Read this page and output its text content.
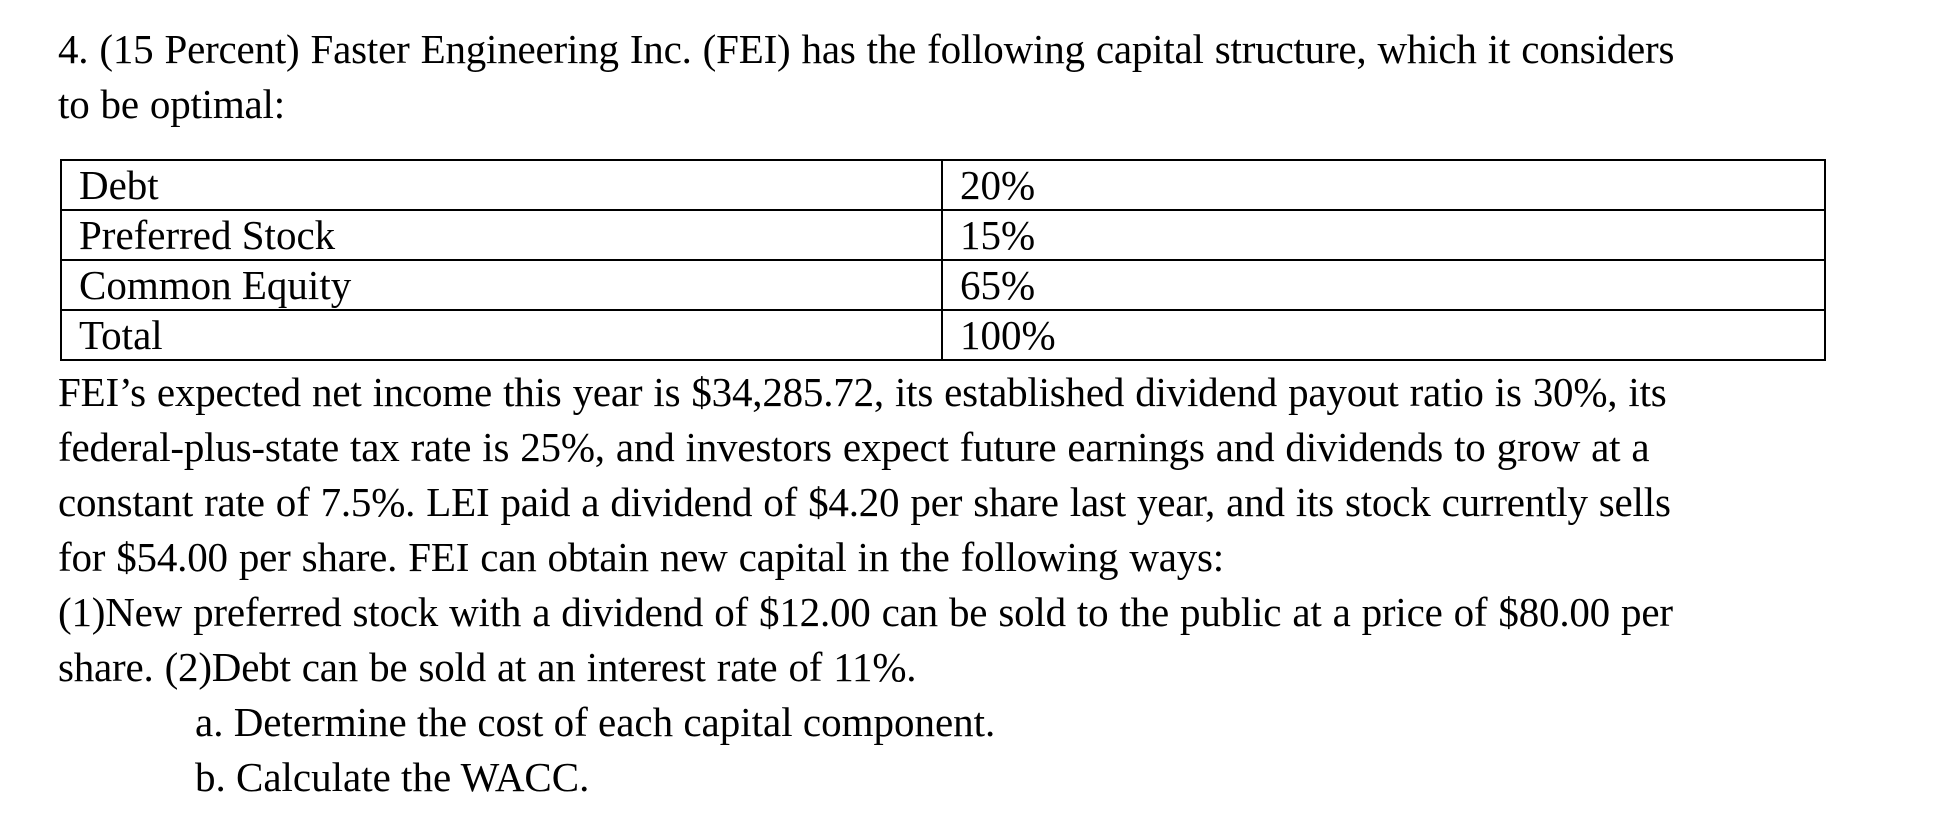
4. (15 Percent) Faster Engineering Inc. (FEI) has the following capital structure, which it considers
to be optimal:
Debt	20%
Preferred Stock	15%
Common Equity	65%
Total	100%
FEI’s expected net income this year is $34,285.72, its established dividend payout ratio is 30%, its
federal-plus-state tax rate is 25%, and investors expect future earnings and dividends to grow at a
constant rate of 7.5%. LEI paid a dividend of $4.20 per share last year, and its stock currently sells
for $54.00 per share. FEI can obtain new capital in the following ways:
(1)New preferred stock with a dividend of $12.00 can be sold to the public at a price of $80.00 per
share. (2)Debt can be sold at an interest rate of 11%.
a. Determine the cost of each capital component.
b. Calculate the WACC.
